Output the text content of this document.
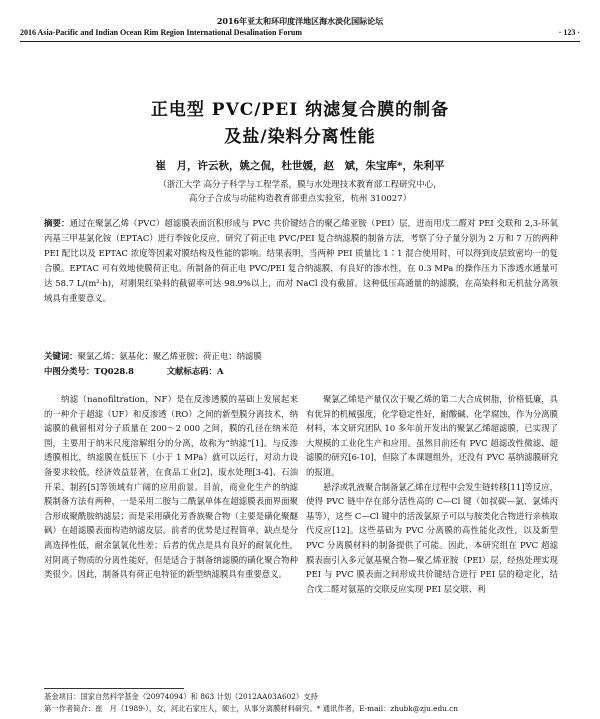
2016年亚太和环印度洋地区海水淡化国际论坛
2016 Asia-Pacific and Indian Ocean Rim Region International Desalination Forum	· 123 ·
正电型 PVC/PEI 纳滤复合膜的制备
及盐/染料分离性能
崔　月，许云秋，姚之侃，杜世媛，赵　斌，朱宝库*，朱利平
（浙江大学 高分子科学与工程学系，膜与水处理技术教育部工程研究中心，
高分子合成与功能构造教育部重点实验室，杭州 310027）
摘要：通过在聚氯乙烯（PVC）超滤膜表面沉积形成与 PVC 共价键结合的聚乙烯亚胺（PEI）层，进而用戊二醛对 PEI 交联和 2,3-环氧丙基三甲基氯化铵（EPTAC）进行季铵化反应，研究了荷正电 PVC/PEI 复合纳滤膜的制备方法，考察了分子量分别为 2 万和 7 万的两种 PEI 配比以及 EPTAC 浓度等因素对膜结构及性能的影响。结果表明，当两种 PEI 质量比 1∶1 混合使用时，可以得到皮层致密均一的复合膜。EPTAC 可有效地使膜荷正电。所制备的荷正电 PVC/PEI 复合纳滤膜，有良好的渗水性，在 0.3 MPa 的操作压力下渗透水通量可达 58.7 L/(m²·h)，对刚果红染料的截留率可达 98.9%以上，而对 NaCl 没有截留。这种低压高通量的纳滤膜，在高染料和无机盐分离领域具有重要意义。
关键词：聚氯乙烯；氨基化；聚乙烯亚胺；荷正电；纳滤膜
中图分类号：TQ028.8	文献标志码：A

纳滤（nanofiltration，NF）是在反渗透膜的基础上发展起来的一种介于超滤（UF）和反渗透（RO）之间的新型膜分离技术，纳滤膜的截留相对分子质量在 200～2 000 之间，膜的孔径在纳米范围，主要用于纳米尺度溶解组分的分离，故称为“纳滤”[1]。与反渗透膜相比，纳滤膜在低压下（小于 1 MPa）就可以运行，对动力设备要求较低，经济效益显著，在食品工业[2]、废水处理[3-4]、石油开采、制药[5]等领域有广阔的应用前景。目前，商业化生产的纳滤膜制备方法有两种，一是采用二胺与二酰氯单体在超滤膜表面界面聚合形成聚酰胺纳滤层；而是采用磺化芳香族聚合物（主要是磺化聚醚砜）在超滤膜表面构造纳滤皮层。前者的优势是过程简单，缺点是分离选择性低，耐余氯氧化性差；后者的优点是具有良好的耐氧化性，对阴离子物质的分离性能好，但是适合于制备纳滤膜的磺化聚合物种类很少。因此，制备具有荷正电特征的新型纳滤膜具有重要意义。

聚氯乙烯是产量仅次于聚乙烯的第二大合成树脂，价格低廉，具有优异的机械强度，化学稳定性好，耐酸碱、化学腐蚀，作为分离膜材料，本文研究团队 10 多年前开发出的聚氯乙烯超滤膜，已实现了大规模的工业化生产和应用。虽然目前还有 PVC 超滤改性微滤、超滤膜的研究[6-10]，但除了本课题组外，还没有 PVC 基纳滤膜研究的报道。

悬浮或乳液聚合制备氯乙烯在过程中会发生链转移[11]等反应，使得 PVC 链中存在部分活性高的 C—Cl 键（如叔碳—氯、氯烯丙基等），这些 C—Cl 键中的活泼氯原子可以与胺类化合物进行亲核取代反应[12]。这些基础为 PVC 分离膜的高性能化改性，以及新型 PVC 分离膜材料的制备提供了可能。因此，本研究组在 PVC 超滤膜表面引入多元氨基聚合物—聚乙烯亚胺（PEI）层，经热处理实现 PEI 与 PVC 膜表面之间形成共价键结合进行 PEI 层的稳定化，结合戊二醛对氨基的交联反应实现 PEI 层交联、利

基金项目：国家自然科学基金（20974094）和 863 计划（2012AA03A602）支持
第一作者简介：崔　月（1989-），女，河北石家庄人，硕士，从事分离膜材料研究。* 通讯作者，E-mail：zhubk@zju.edu.cn
